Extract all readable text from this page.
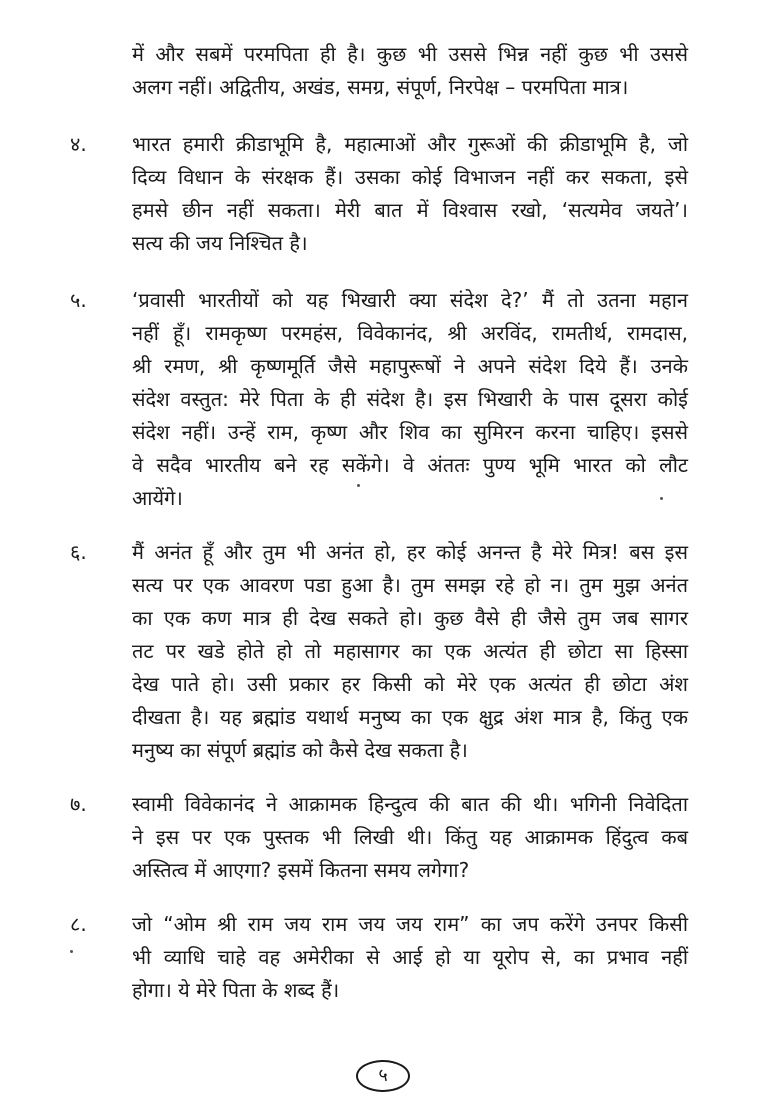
में और सबमें परमपिता ही है। कुछ भी उससे भिन्न नहीं कुछ भी उससे
अलग नहीं। अद्वितीय, अखंड, समग्र, संपूर्ण, निरपेक्ष – परमपिता मात्र।
४.	भारत हमारी क्रीडाभूमि है, महात्माओं और गुरूओं की क्रीडाभूमि है, जो
दिव्य विधान के संरक्षक हैं। उसका कोई विभाजन नहीं कर सकता, इसे
हमसे छीन नहीं सकता। मेरी बात में विश्वास रखो, ‘सत्यमेव जयते’।
सत्य की जय निश्चित है।
५.	‘प्रवासी भारतीयों को यह भिखारी क्या संदेश दे?’ मैं तो उतना महान
नहीं हूँ। रामकृष्ण परमहंस, विवेकानंद, श्री अरविंद, रामतीर्थ, रामदास,
श्री रमण, श्री कृष्णमूर्ति जैसे महापुरूषों ने अपने संदेश दिये हैं। उनके
संदेश वस्तुत: मेरे पिता के ही संदेश है। इस भिखारी के पास दूसरा कोई
संदेश नहीं। उन्हें राम, कृष्ण और शिव का सुमिरन करना चाहिए। इससे
वे सदैव भारतीय बने रह सकेंगे। वे अंततः पुण्य भूमि भारत को लौट
आयेंगे।
६.	मैं अनंत हूँ और तुम भी अनंत हो, हर कोई अनन्त है मेरे मित्र! बस इस
सत्य पर एक आवरण पडा हुआ है। तुम समझ रहे हो न। तुम मुझ अनंत
का एक कण मात्र ही देख सकते हो। कुछ वैसे ही जैसे तुम जब सागर
तट पर खडे होते हो तो महासागर का एक अत्यंत ही छोटा सा हिस्सा
देख पाते हो। उसी प्रकार हर किसी को मेरे एक अत्यंत ही छोटा अंश
दीखता है। यह ब्रह्मांड यथार्थ मनुष्य का एक क्षुद्र अंश मात्र है, किंतु एक
मनुष्य का संपूर्ण ब्रह्मांड को कैसे देख सकता है।
७.	स्वामी विवेकानंद ने आक्रामक हिन्दुत्व की बात की थी। भगिनी निवेदिता
ने इस पर एक पुस्तक भी लिखी थी। किंतु यह आक्रामक हिंदुत्व कब
अस्तित्व में आएगा? इसमें कितना समय लगेगा?
८.	जो “ओम श्री राम जय राम जय जय राम” का जप करेंगे उनपर किसी
भी व्याधि चाहे वह अमेरीका से आई हो या यूरोप से, का प्रभाव नहीं
होगा। ये मेरे पिता के शब्द हैं।
५
